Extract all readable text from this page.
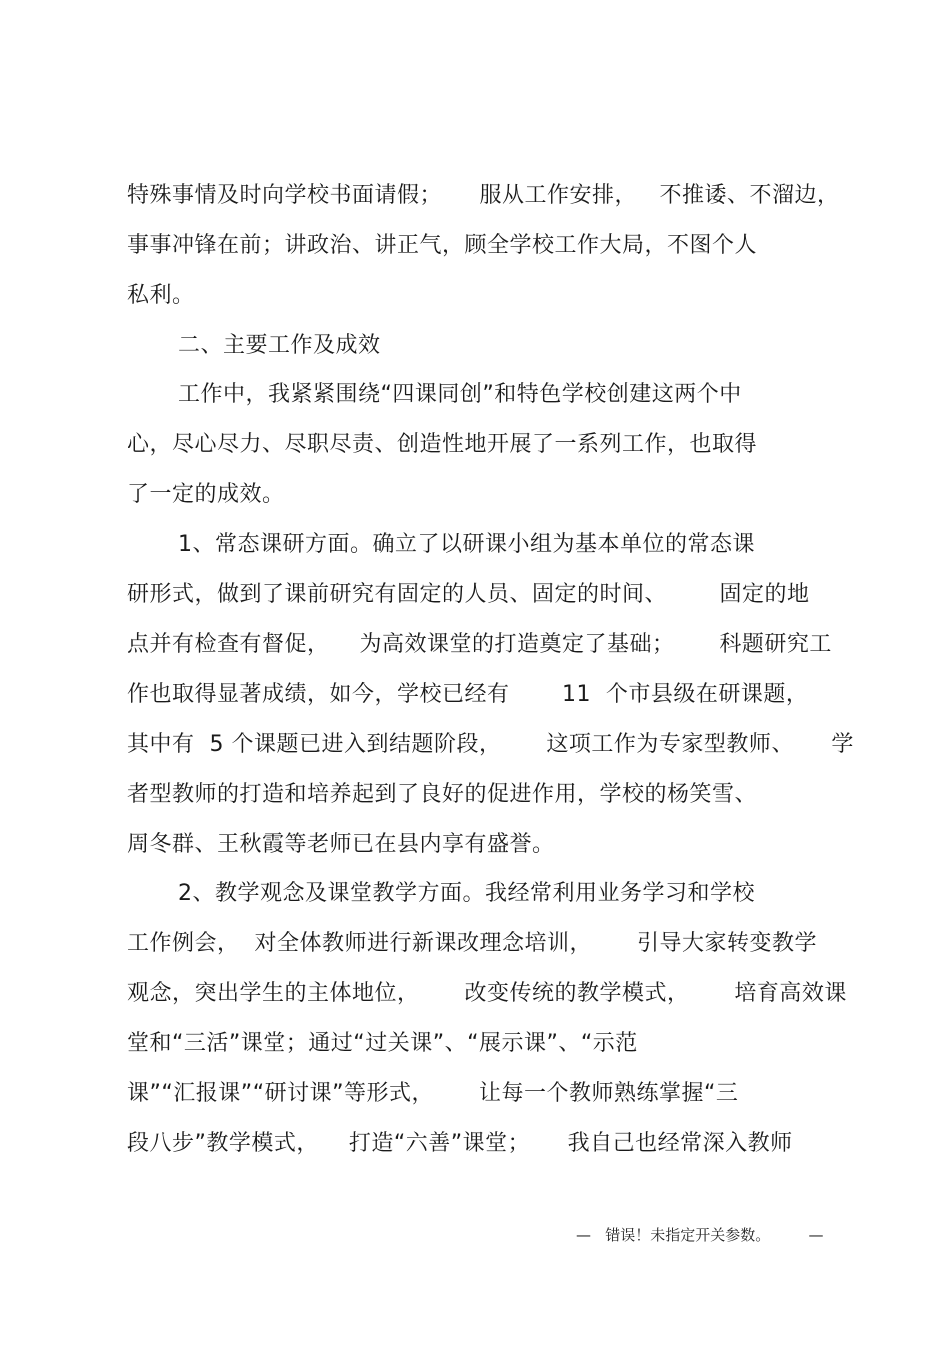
特殊事情及时向学校书面请假；     服从工作安排，   不推诿、不溜边，
事事冲锋在前；讲政治、讲正气，顾全学校工作大局，不图个人
私利。
二、主要工作及成效
工作中，我紧紧围绕“四课同创”和特色学校创建这两个中
心，尽心尽力、尽职尽责、创造性地开展了一系列工作，也取得
了一定的成效。
1、常态课研方面。确立了以研课小组为基本单位的常态课
研形式，做到了课前研究有固定的人员、固定的时间、       固定的地
点并有检查有督促，    为高效课堂的打造奠定了基础；      科题研究工
作也取得显著成绩，如今，学校已经有       11  个市县级在研课题，
其中有  5 个课题已进入到结题阶段，      这项工作为专家型教师、     学
者型教师的打造和培养起到了良好的促进作用，学校的杨笑雪、
周冬群、王秋霞等老师已在县内享有盛誉。
2、教学观念及课堂教学方面。我经常利用业务学习和学校
工作例会，  对全体教师进行新课改理念培训，      引导大家转变教学
观念，突出学生的主体地位，      改变传统的教学模式，      培育高效课
堂和“三活”课堂；通过“过关课”、“展示课”、“示范
课”“汇报课”“研讨课”等形式，      让每一个教师熟练掌握“三
段八步”教学模式，    打造“六善”课堂；     我自己也经常深入教师
—   错误！未指定开关参数。        —
